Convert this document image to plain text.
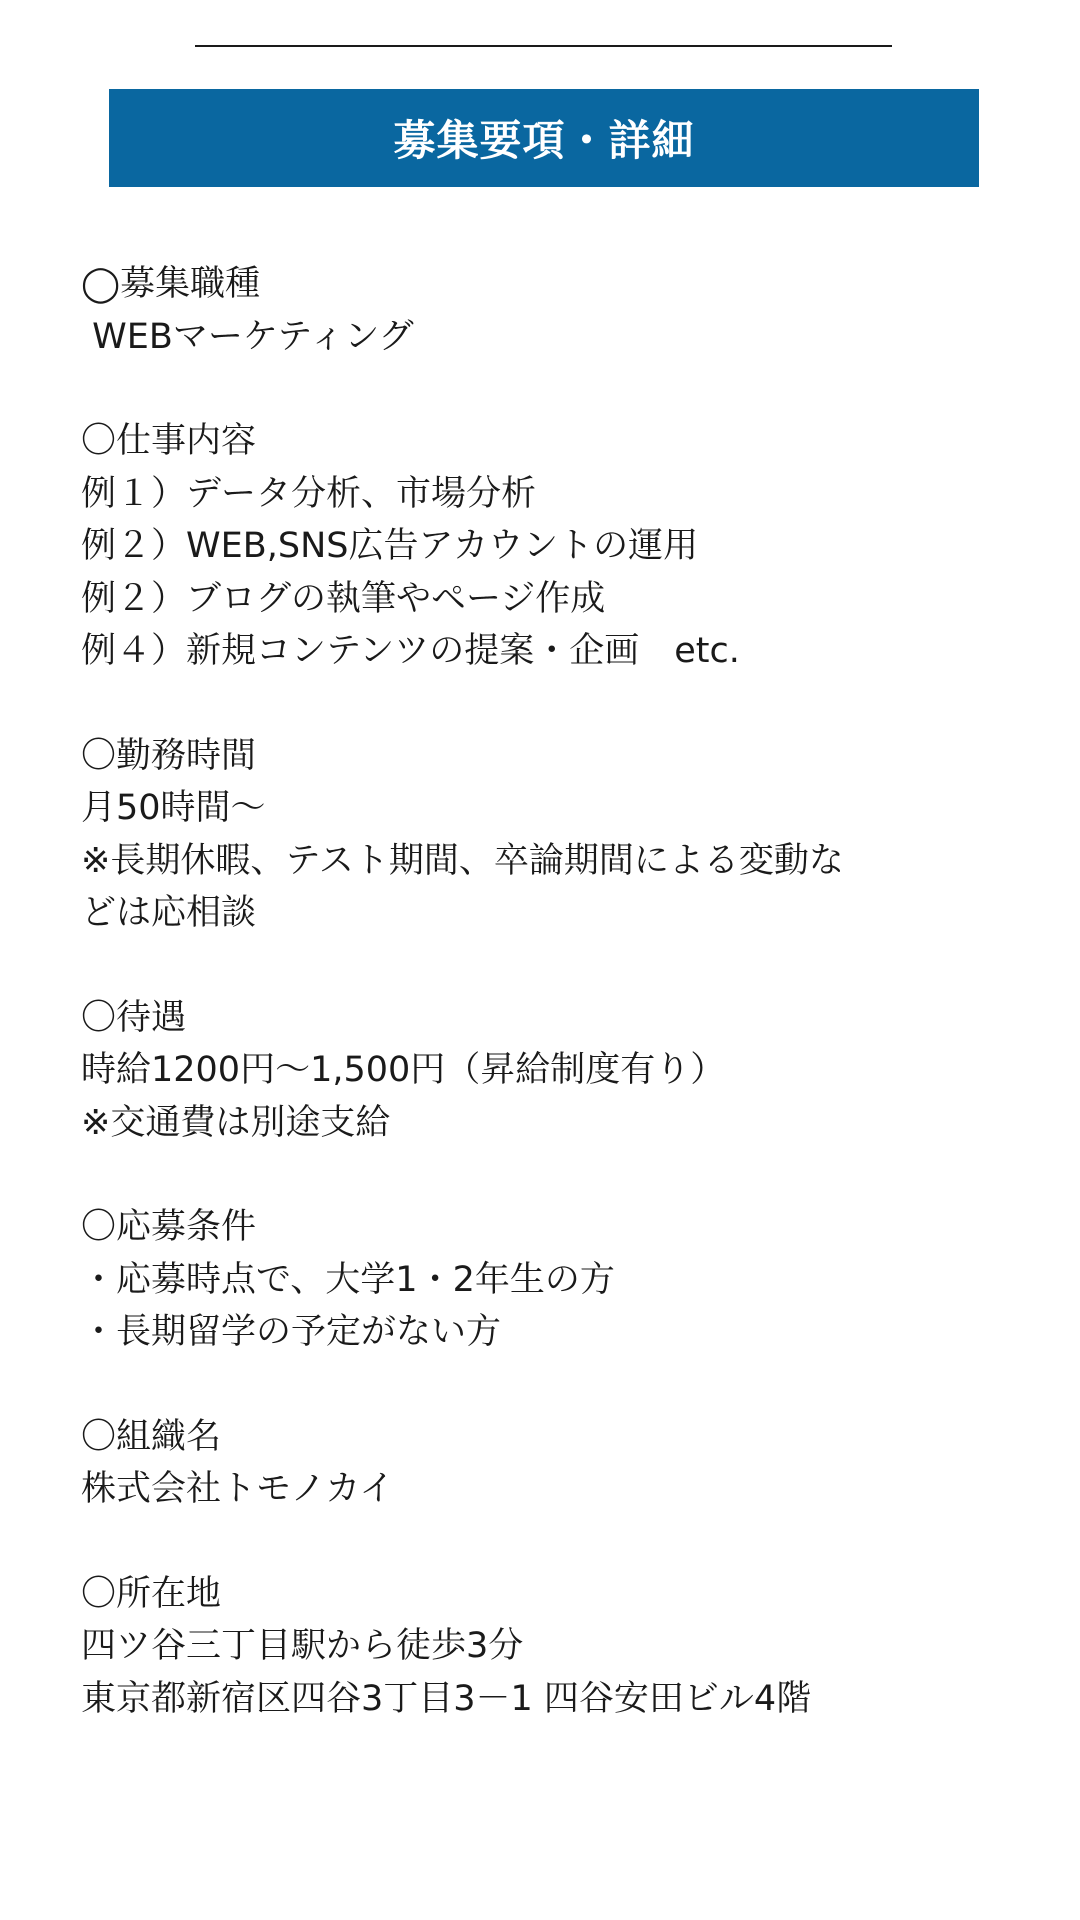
募集要項・詳細
◯募集職種
WEBマーケティング
〇仕事内容
例１）データ分析、市場分析
例２）WEB,SNS広告アカウントの運用
例２）ブログの執筆やページ作成
例４）新規コンテンツの提案・企画　etc.
〇勤務時間
月50時間～
※長期休暇、テスト期間、卒論期間による変動な
どは応相談
〇待遇
時給1200円～1,500円（昇給制度有り）
※交通費は別途支給
〇応募条件
・応募時点で、大学1・2年生の方
・長期留学の予定がない方
〇組織名
株式会社トモノカイ
〇所在地
四ツ谷三丁目駅から徒歩3分
東京都新宿区四谷3丁目3－1 四谷安田ビル4階
